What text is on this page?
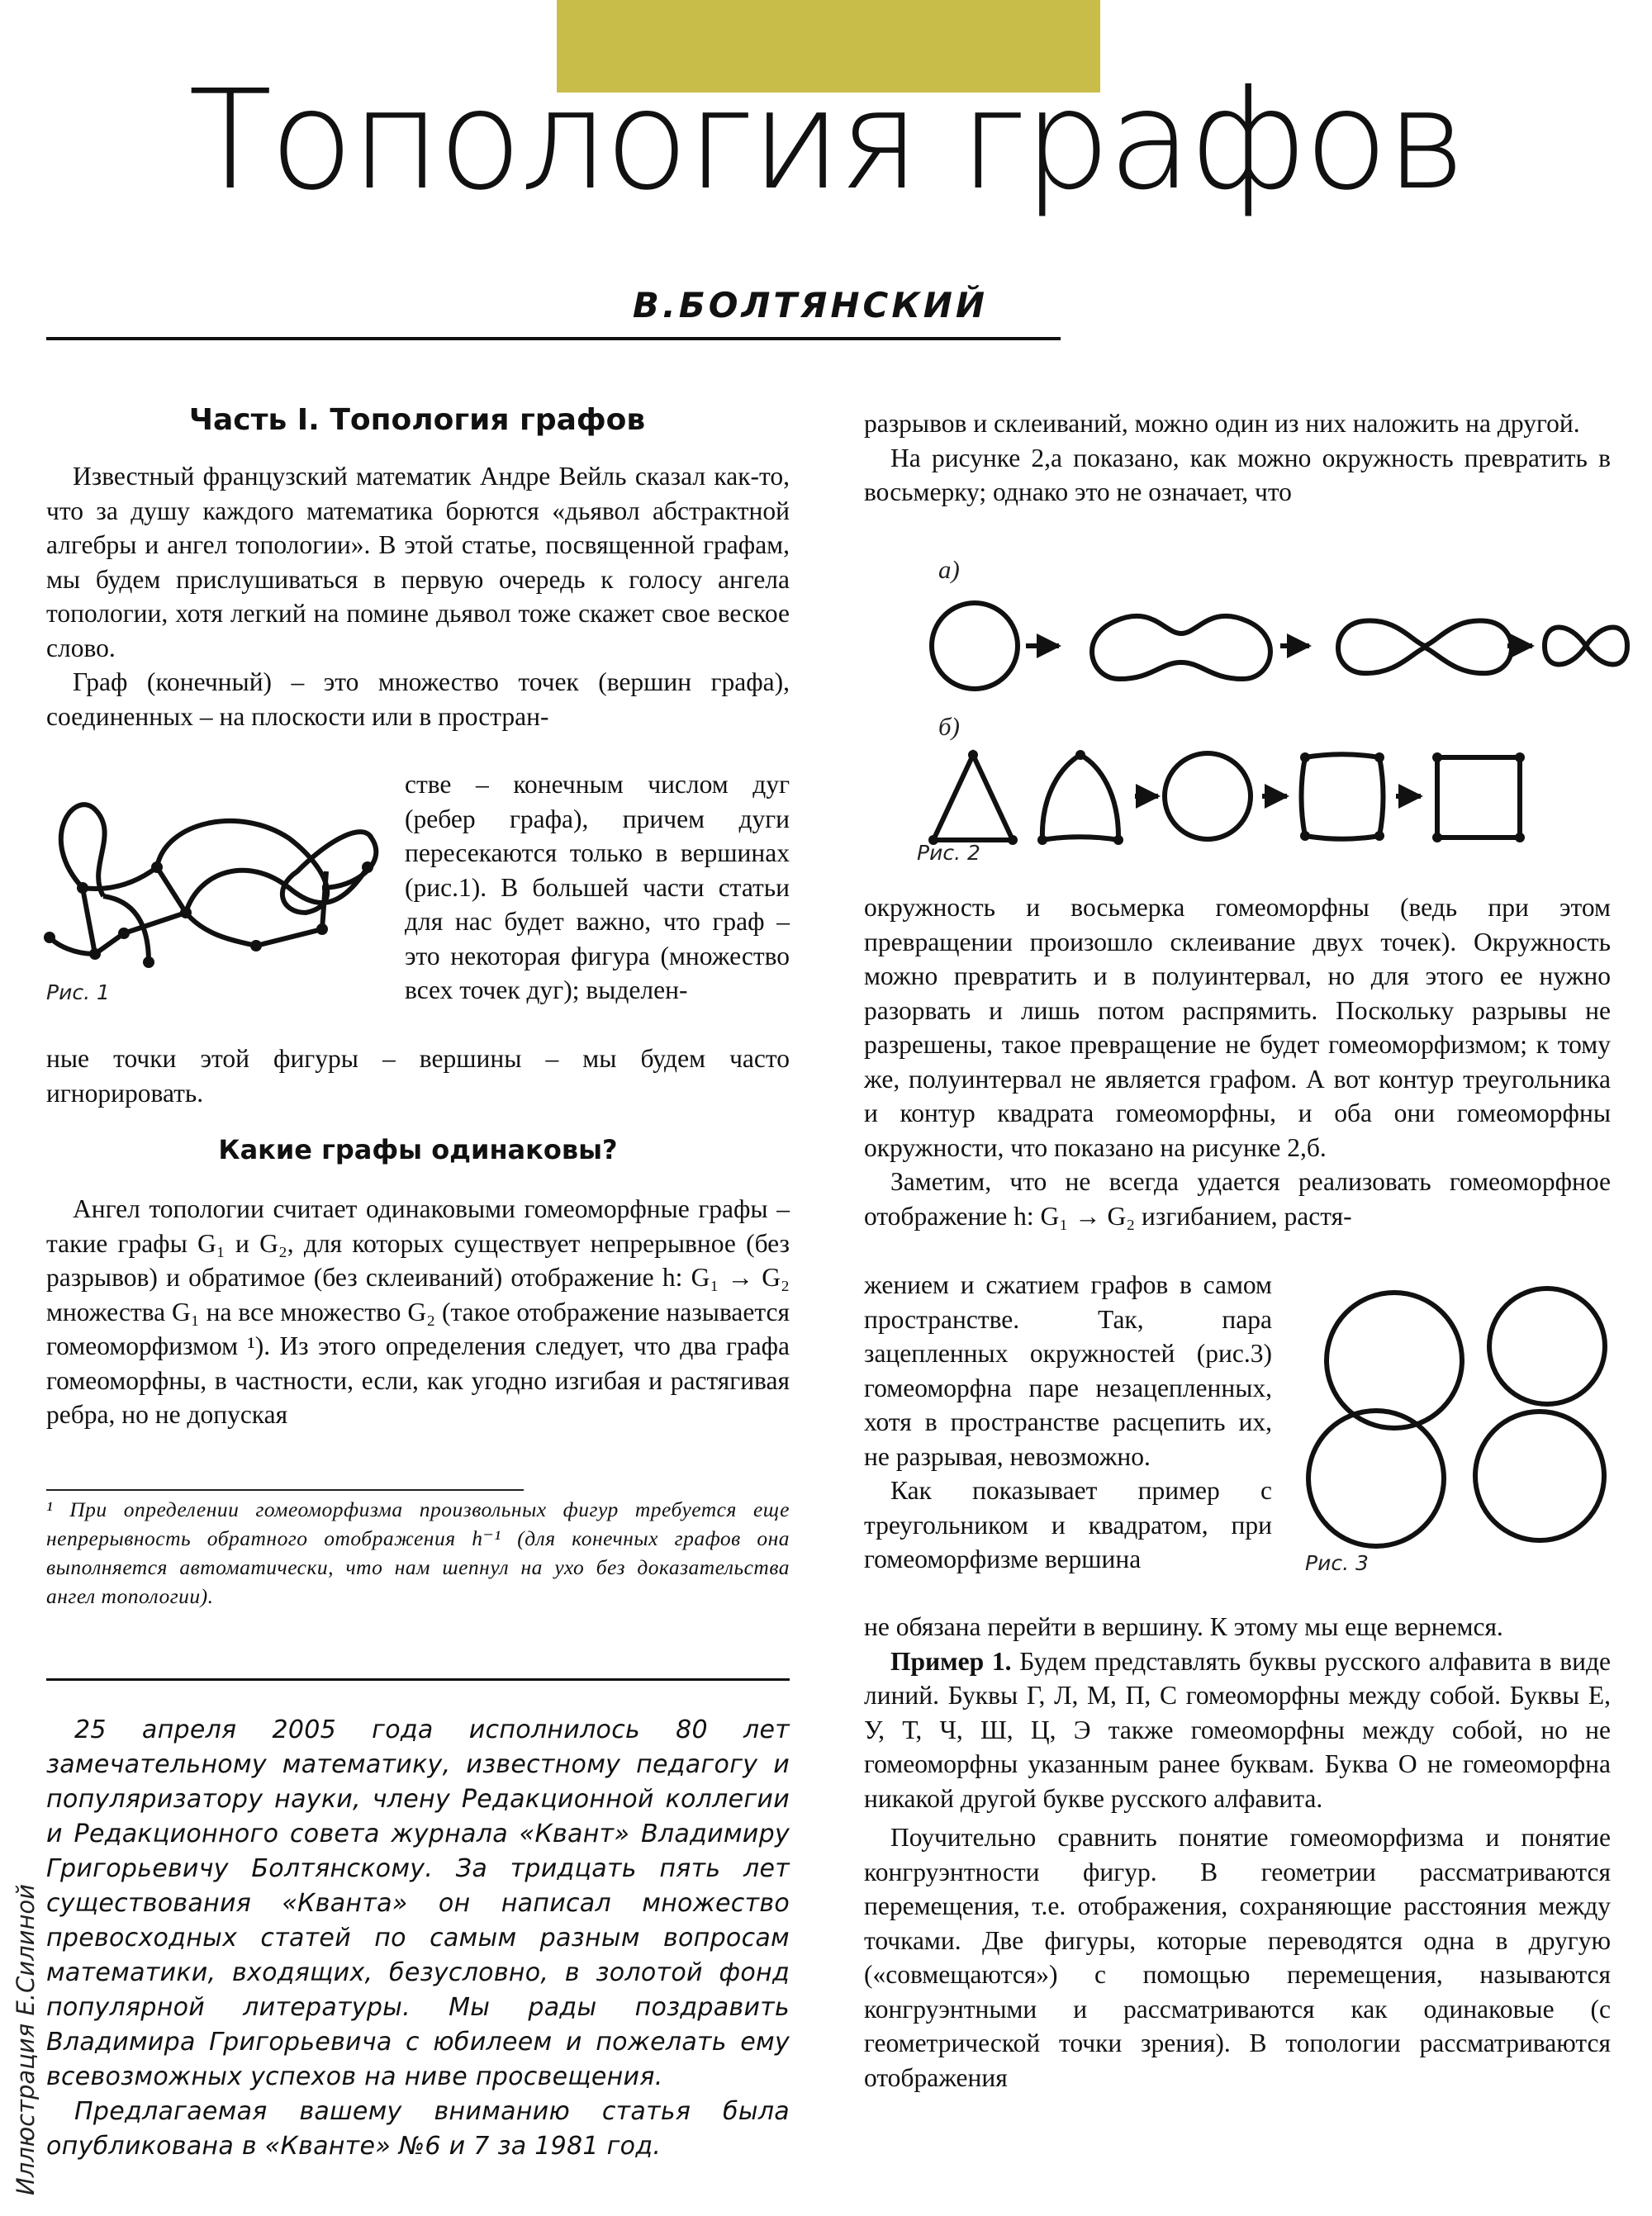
Топология графов
В.БОЛТЯНСКИЙ
Часть I. Топология графов

Известный французский математик Андре Вейль сказал как-то, что за душу каждого математика борются «дьявол абстрактной алгебры и ангел топологии». В этой статье, посвященной графам, мы будем прислушиваться в первую очередь к голосу ангела топологии, хотя легкий на помине дьявол тоже скажет свое веское слово.

Граф (конечный) – это множество точек (вершин графа), соединенных – на плоскости или в простран-

Рис. 1

стве – конечным числом дуг (ребер графа), причем дуги пересекаются только в вершинах (рис.1). В большей части статьи для нас будет важно, что граф – это некоторая фигура (множество всех точек дуг); выделен-

ные точки этой фигуры – вершины – мы будем часто игнорировать.

Какие графы одинаковы?

Ангел топологии считает одинаковыми гомеоморфные графы – такие графы G₁ и G₂, для которых существует непрерывное (без разрывов) и обратимое (без склеиваний) отображение h: G₁ → G₂ множества G₁ на все множество G₂ (такое отображение называется гомеоморфизмом ¹). Из этого определения следует, что два графа гомеоморфны, в частности, если, как угодно изгибая и растягивая ребра, но не допуская

¹ При определении гомеоморфизма произвольных фигур требуется еще непрерывность обратного отображения h⁻¹ (для конечных графов она выполняется автоматически, что нам шепнул на ухо без доказательства ангел топологии).

25 апреля 2005 года исполнилось 80 лет замечательному математику, известному педагогу и популяризатору науки, члену Редакционной коллегии и Редакционного совета журнала «Квант» Владимиру Григорьевичу Болтянскому. За тридцать пять лет существования «Кванта» он написал множество превосходных статей по самым разным вопросам математики, входящих, безусловно, в золотой фонд популярной литературы. Мы рады поздравить Владимира Григорьевича с юбилеем и пожелать ему всевозможных успехов на ниве просвещения.

Предлагаемая вашему вниманию статья была опубликована в «Кванте» №6 и 7 за 1981 год.

Иллюстрация Е.Силиной

разрывов и склеиваний, можно один из них наложить на другой.

На рисунке 2,а показано, как можно окружность превратить в восьмерку; однако это не означает, что

а)
б)
Рис. 2

окружность и восьмерка гомеоморфны (ведь при этом превращении произошло склеивание двух точек). Окружность можно превратить и в полуинтервал, но для этого ее нужно разорвать и лишь потом распрямить. Поскольку разрывы не разрешены, такое превращение не будет гомеоморфизмом; к тому же, полуинтервал не является графом. А вот контур треугольника и контур квадрата гомеоморфны, и оба они гомеоморфны окружности, что показано на рисунке 2,б.

Заметим, что не всегда удается реализовать гомеоморфное отображение h: G₁ → G₂ изгибанием, растя-

Рис. 3

жением и сжатием графов в самом пространстве. Так, пара зацепленных окружностей (рис.3) гомеоморфна паре незацепленных, хотя в пространстве расцепить их, не разрывая, невозможно.

Как показывает пример с треугольником и квадратом, при гомеоморфизме вершина

не обязана перейти в вершину. К этому мы еще вернемся.

Пример 1. Будем представлять буквы русского алфавита в виде линий. Буквы Г, Л, М, П, С гомеоморфны между собой. Буквы Е, У, Т, Ч, Ш, Ц, Э также гомеоморфны между собой, но не гомеоморфны указанным ранее буквам. Буква О не гомеоморфна никакой другой букве русского алфавита.

Поучительно сравнить понятие гомеоморфизма и понятие конгруэнтности фигур. В геометрии рассматриваются перемещения, т.е. отображения, сохраняющие расстояния между точками. Две фигуры, которые переводятся одна в другую («совмещаются») с помощью перемещения, называются конгруэнтными и рассматриваются как одинаковые (с геометрической точки зрения). В топологии рассматриваются отображения
